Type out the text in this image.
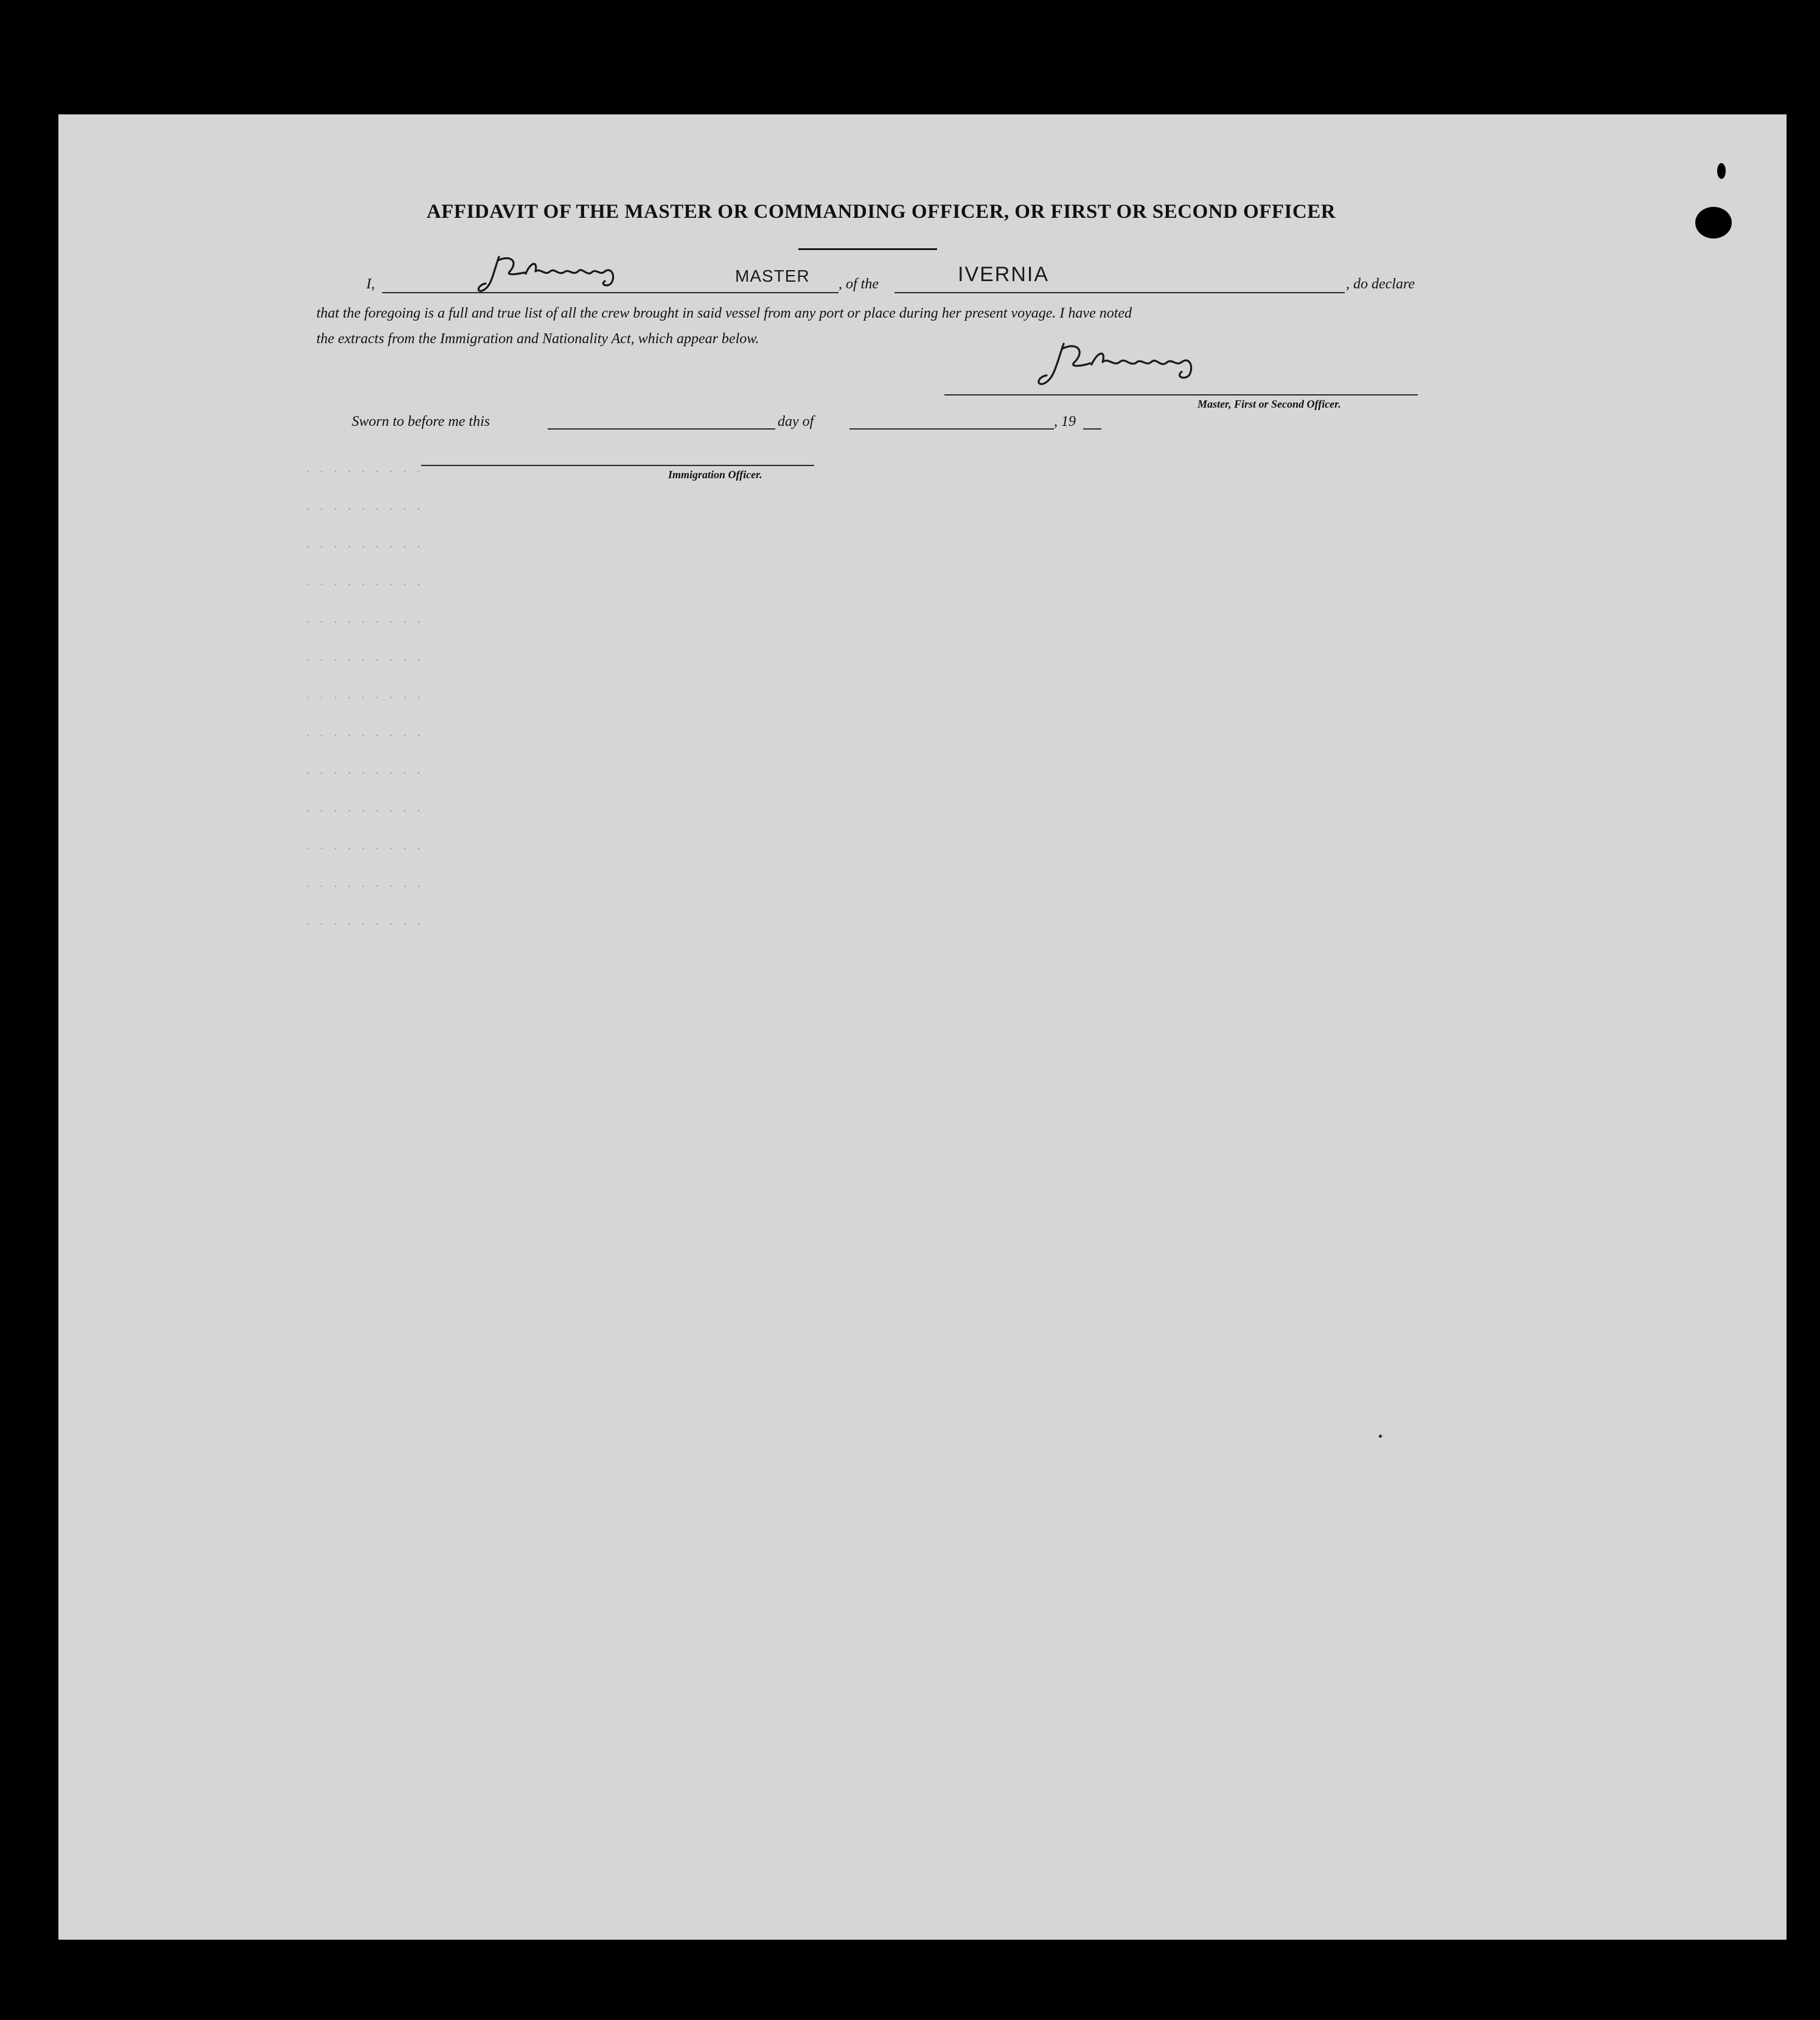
. . . . . . . . .
. . . . . . . . .
. . . . . . . . .
. . . . . . . . .
. . . . . . . . .
. . . . . . . . .
. . . . . . . . .
. . . . . . . . .
. . . . . . . . .
. . . . . . . . .
. . . . . . . . .
. . . . . . . . .
. . . . . . . . .
AFFIDAVIT OF THE MASTER OR COMMANDING OFFICER, OR FIRST OR SECOND OFFICER
I,	MASTER , of the	IVERNIA	, do declare
that the foregoing is a full and true list of all the crew brought in said vessel from any port or place during her present voyage. I have noted
the extracts from the Immigration and Nationality Act, which appear below.
Master, First or Second Officer.
Sworn to before me this	day of	, 19
Immigration Officer.
